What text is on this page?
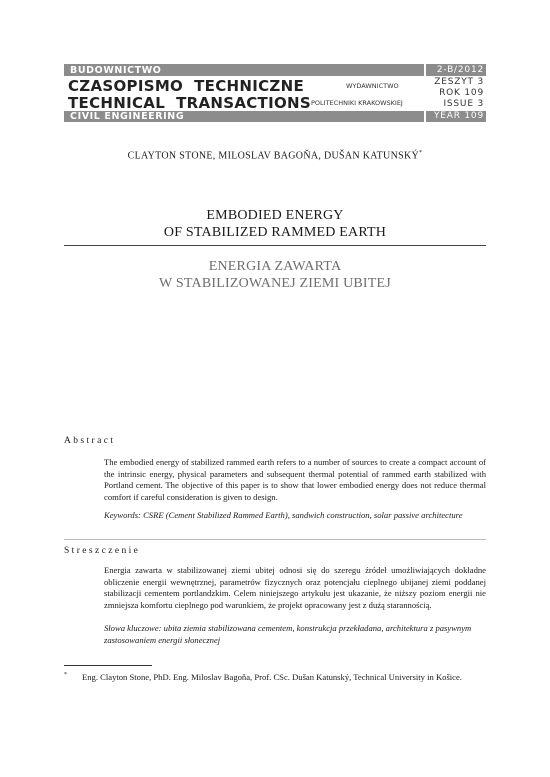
BUDOWNICTWO
CZASOPISMO  TECHNICZNE
TECHNICAL  TRANSACTIONS
CIVIL ENGINEERING
WYDAWNICTWO
POLITECHNIKI KRAKOWSKIEJ
2-B/2012
ZESZYT 3
ROK 109
ISSUE 3
YEAR 109
CLAYTON STONE, MILOSLAV BAGOŇA, DUŠAN KATUNSKÝ*
EMBODIED ENERGY
OF STABILIZED RAMMED EARTH
ENERGIA ZAWARTA
W STABILIZOWANEJ ZIEMI UBITEJ
Abstract
The embodied energy of stabilized rammed earth refers to a number of sources to create a compact account of the intrinsic energy, physical parameters and subsequent thermal potential of rammed earth stabilized with Portland cement. The objective of this paper is to show that lower embodied energy does not reduce thermal comfort if careful consideration is given to design.
Keywords: CSRE (Cement Stabilized Rammed Earth), sandwich construction, solar passive architecture
Streszczenie
Energia zawarta w stabilizowanej ziemi ubitej odnosi się do szeregu źródeł umożliwiających dokładne obliczenie energii wewnętrznej, parametrów fizycznych oraz potencjału cieplnego ubijanej ziemi poddanej stabilizacji cementem portlandzkim. Celem niniejszego artykułu jest ukazanie, że niższy poziom energii nie zmniejsza komfortu cieplnego pod warunkiem, że projekt opracowany jest z dużą starannością.
Słowa kluczowe: ubita ziemia stabilizowana cementem, konstrukcja przekładana, architektura z pasywnym zastosowaniem energii słonecznej
* Eng. Clayton Stone, PhD. Eng. Miloslav Bagoňa, Prof. CSc. Dušan Katunský, Technical University in Košice.
